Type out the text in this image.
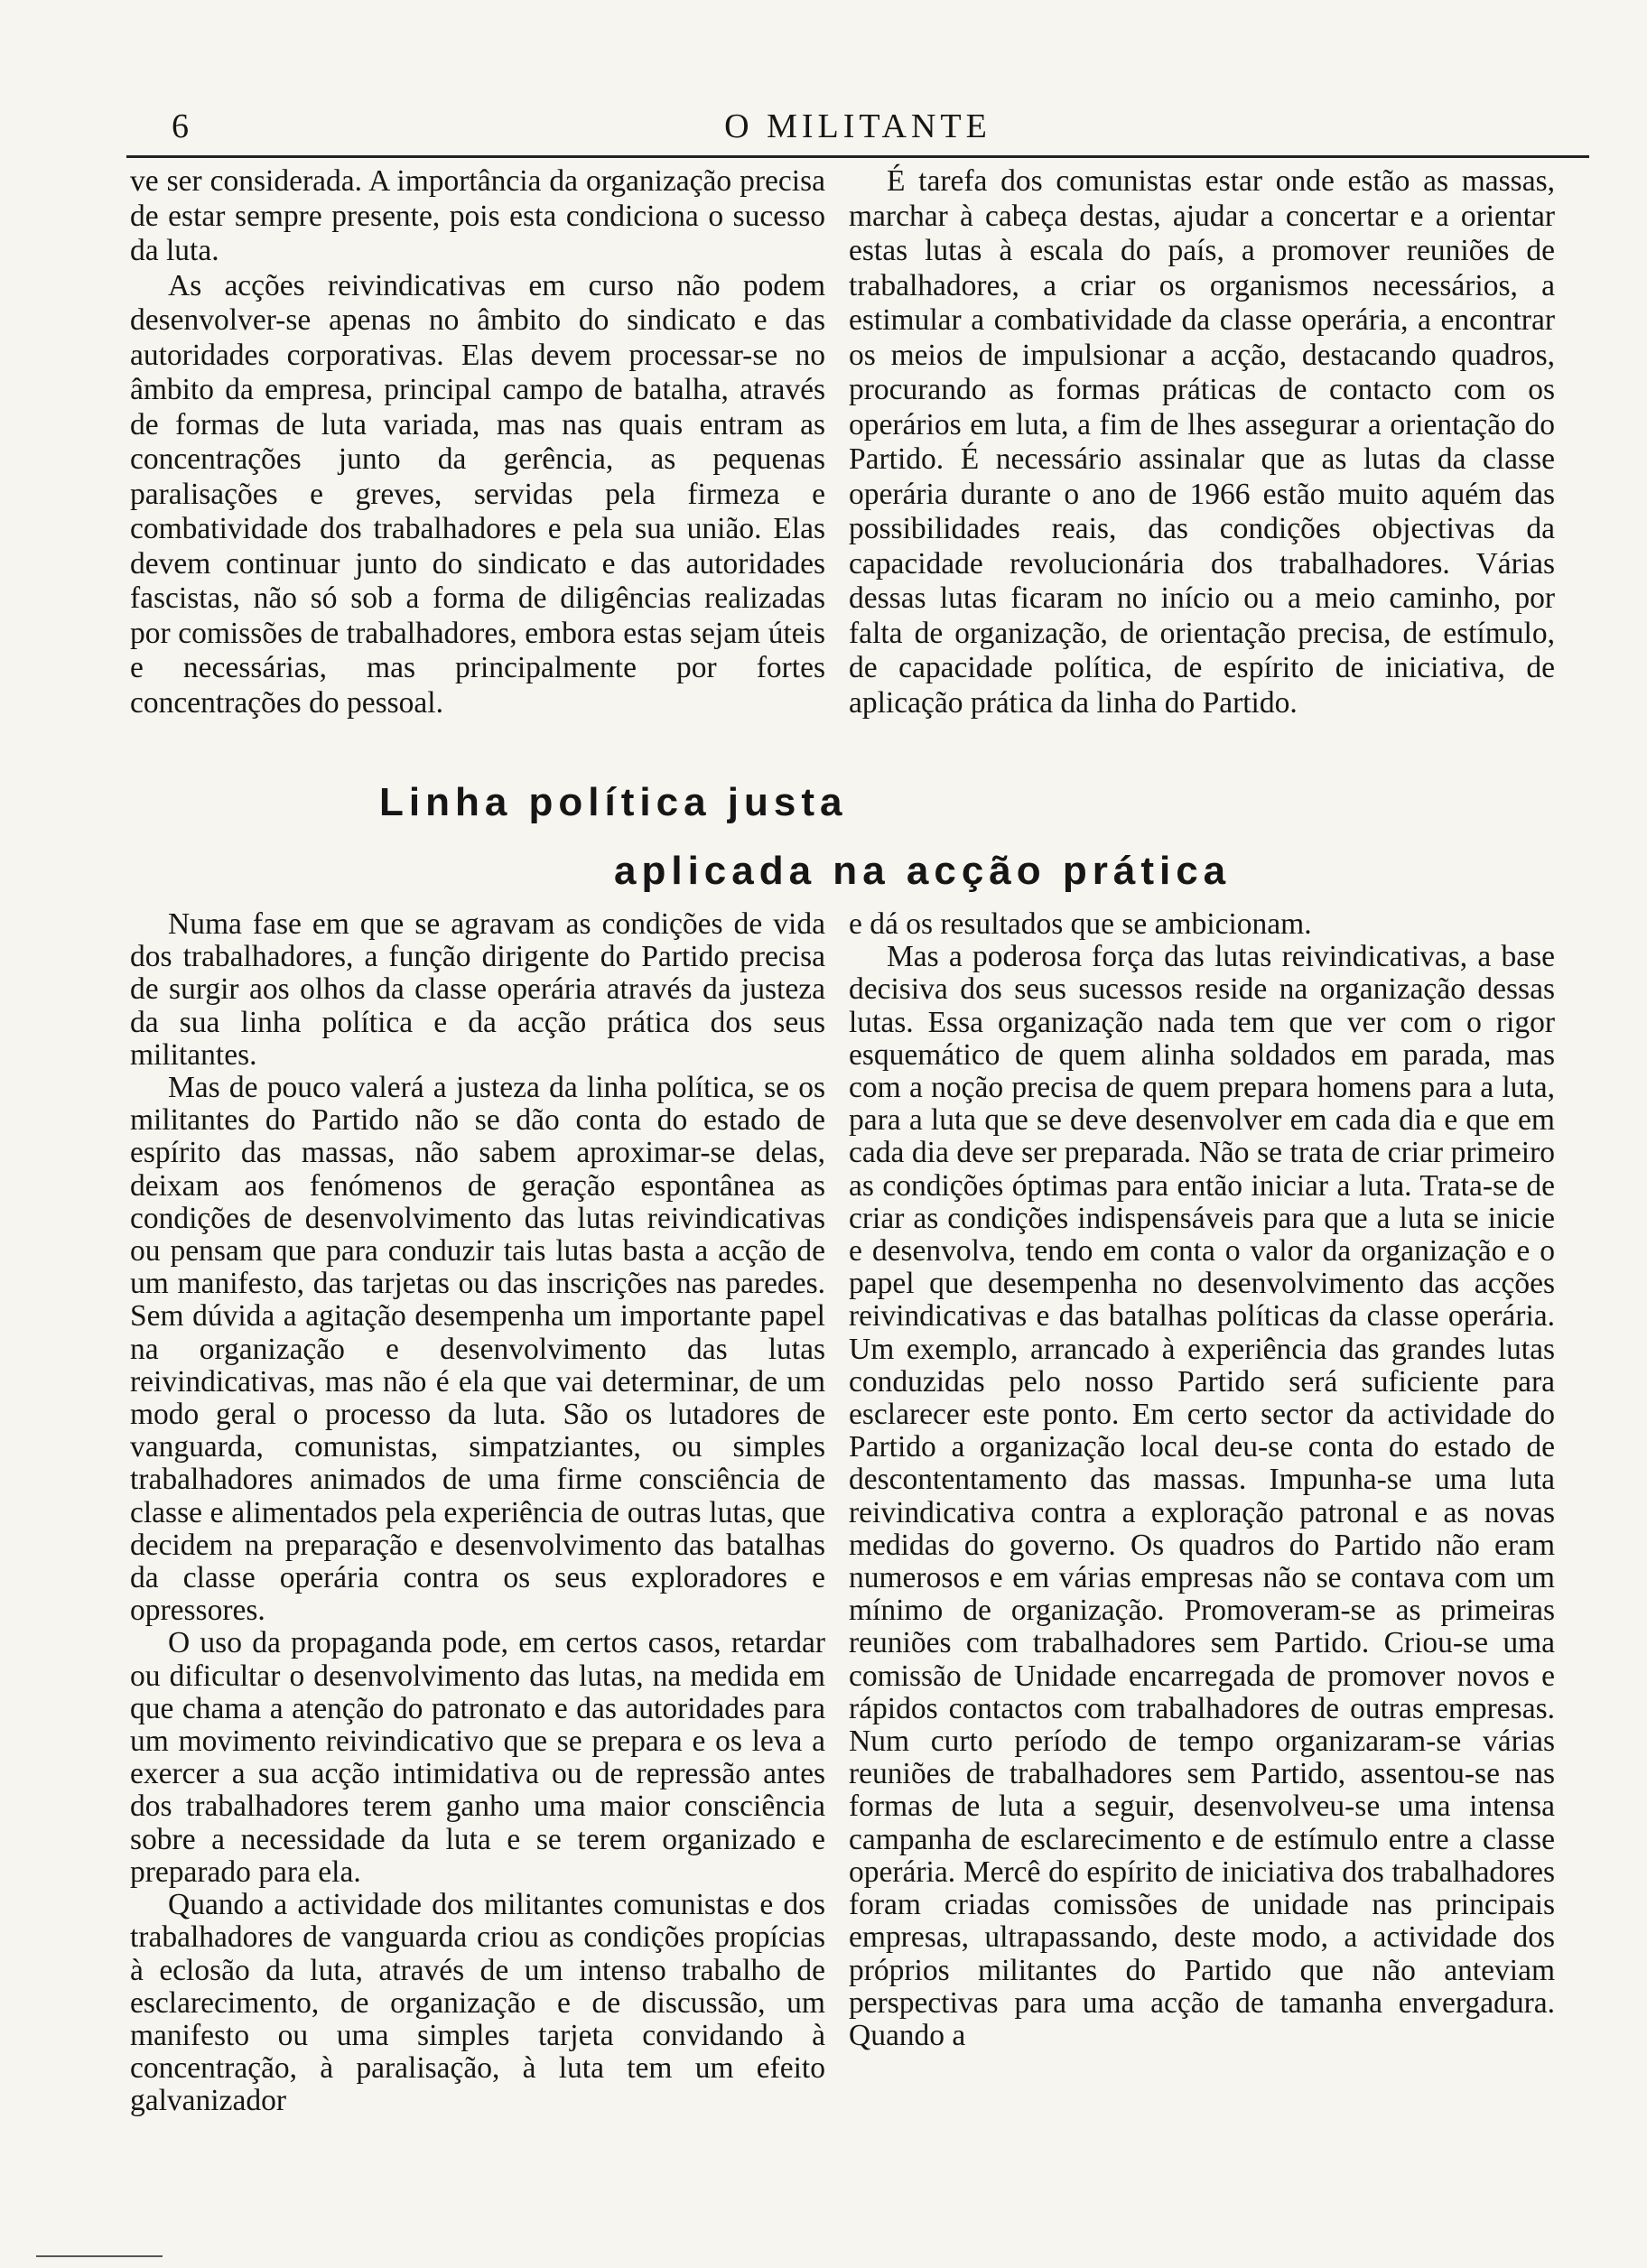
6	O MILITANTE

ve ser considerada. A importância da organização precisa de estar sempre presente, pois esta condiciona o sucesso da luta.

As acções reivindicativas em curso não podem desenvolver-se apenas no âmbito do sindicato e das autoridades corporativas. Elas devem processar-se no âmbito da empresa, principal campo de batalha, através de formas de luta variada, mas nas quais entram as concentrações junto da gerência, as pequenas paralisações e greves, servidas pela firmeza e combatividade dos trabalhadores e pela sua união. Elas devem continuar junto do sindicato e das autoridades fascistas, não só sob a forma de diligências realizadas por comissões de trabalhadores, embora estas sejam úteis e necessárias, mas principalmente por fortes concentrações do pessoal.

É tarefa dos comunistas estar onde estão as massas, marchar à cabeça destas, ajudar a concertar e a orientar estas lutas à escala do país, a promover reuniões de trabalhadores, a criar os organismos necessários, a estimular a combatividade da classe operária, a encontrar os meios de impulsionar a acção, destacando quadros, procurando as formas práticas de contacto com os operários em luta, a fim de lhes assegurar a orientação do Partido. É necessário assinalar que as lutas da classe operária durante o ano de 1966 estão muito aquém das possibilidades reais, das condições objectivas da capacidade revolucionária dos trabalhadores. Várias dessas lutas ficaram no início ou a meio caminho, por falta de organização, de orientação precisa, de estímulo, de capacidade política, de espírito de iniciativa, de aplicação prática da linha do Partido.

Linha política justa
aplicada na acção prática

Numa fase em que se agravam as condições de vida dos trabalhadores, a função dirigente do Partido precisa de surgir aos olhos da classe operária através da justeza da sua linha política e da acção prática dos seus militantes.

Mas de pouco valerá a justeza da linha política, se os militantes do Partido não se dão conta do estado de espírito das massas, não sabem aproximar-se delas, deixam aos fenómenos de geração espontânea as condições de desenvolvimento das lutas reivindicativas ou pensam que para conduzir tais lutas basta a acção de um manifesto, das tarjetas ou das inscrições nas paredes. Sem dúvida a agitação desempenha um importante papel na organização e desenvolvimento das lutas reivindicativas, mas não é ela que vai determinar, de um modo geral o processo da luta. São os lutadores de vanguarda, comunistas, simpatziantes, ou simples trabalhadores animados de uma firme consciência de classe e alimentados pela experiência de outras lutas, que decidem na preparação e desenvolvimento das batalhas da classe operária contra os seus exploradores e opressores.

O uso da propaganda pode, em certos casos, retardar ou dificultar o desenvolvimento das lutas, na medida em que chama a atenção do patronato e das autoridades para um movimento reivindicativo que se prepara e os leva a exercer a sua acção intimidativa ou de repressão antes dos trabalhadores terem ganho uma maior consciência sobre a necessidade da luta e se terem organizado e preparado para ela.

Quando a actividade dos militantes comunistas e dos trabalhadores de vanguarda criou as condições propícias à eclosão da luta, através de um intenso trabalho de esclarecimento, de organização e de discussão, um manifesto ou uma simples tarjeta convidando à concentração, à paralisação, à luta tem um efeito galvanizador

e dá os resultados que se ambicionam.

Mas a poderosa força das lutas reivindicativas, a base decisiva dos seus sucessos reside na organização dessas lutas. Essa organização nada tem que ver com o rigor esquemático de quem alinha soldados em parada, mas com a noção precisa de quem prepara homens para a luta, para a luta que se deve desenvolver em cada dia e que em cada dia deve ser preparada. Não se trata de criar primeiro as condições óptimas para então iniciar a luta. Trata-se de criar as condições indispensáveis para que a luta se inicie e desenvolva, tendo em conta o valor da organização e o papel que desempenha no desenvolvimento das acções reivindicativas e das batalhas políticas da classe operária. Um exemplo, arrancado à experiência das grandes lutas conduzidas pelo nosso Partido será suficiente para esclarecer este ponto. Em certo sector da actividade do Partido a organização local deu-se conta do estado de descontentamento das massas. Impunha-se uma luta reivindicativa contra a exploração patronal e as novas medidas do governo. Os quadros do Partido não eram numerosos e em várias empresas não se contava com um mínimo de organização. Promoveram-se as primeiras reuniões com trabalhadores sem Partido. Criou-se uma comissão de Unidade encarregada de promover novos e rápidos contactos com trabalhadores de outras empresas. Num curto período de tempo organizaram-se várias reuniões de trabalhadores sem Partido, assentou-se nas formas de luta a seguir, desenvolveu-se uma intensa campanha de esclarecimento e de estímulo entre a classe operária. Mercê do espírito de iniciativa dos trabalhadores foram criadas comissões de unidade nas principais empresas, ultrapassando, deste modo, a actividade dos próprios militantes do Partido que não anteviam perspectivas para uma acção de tamanha envergadura. Quando a
